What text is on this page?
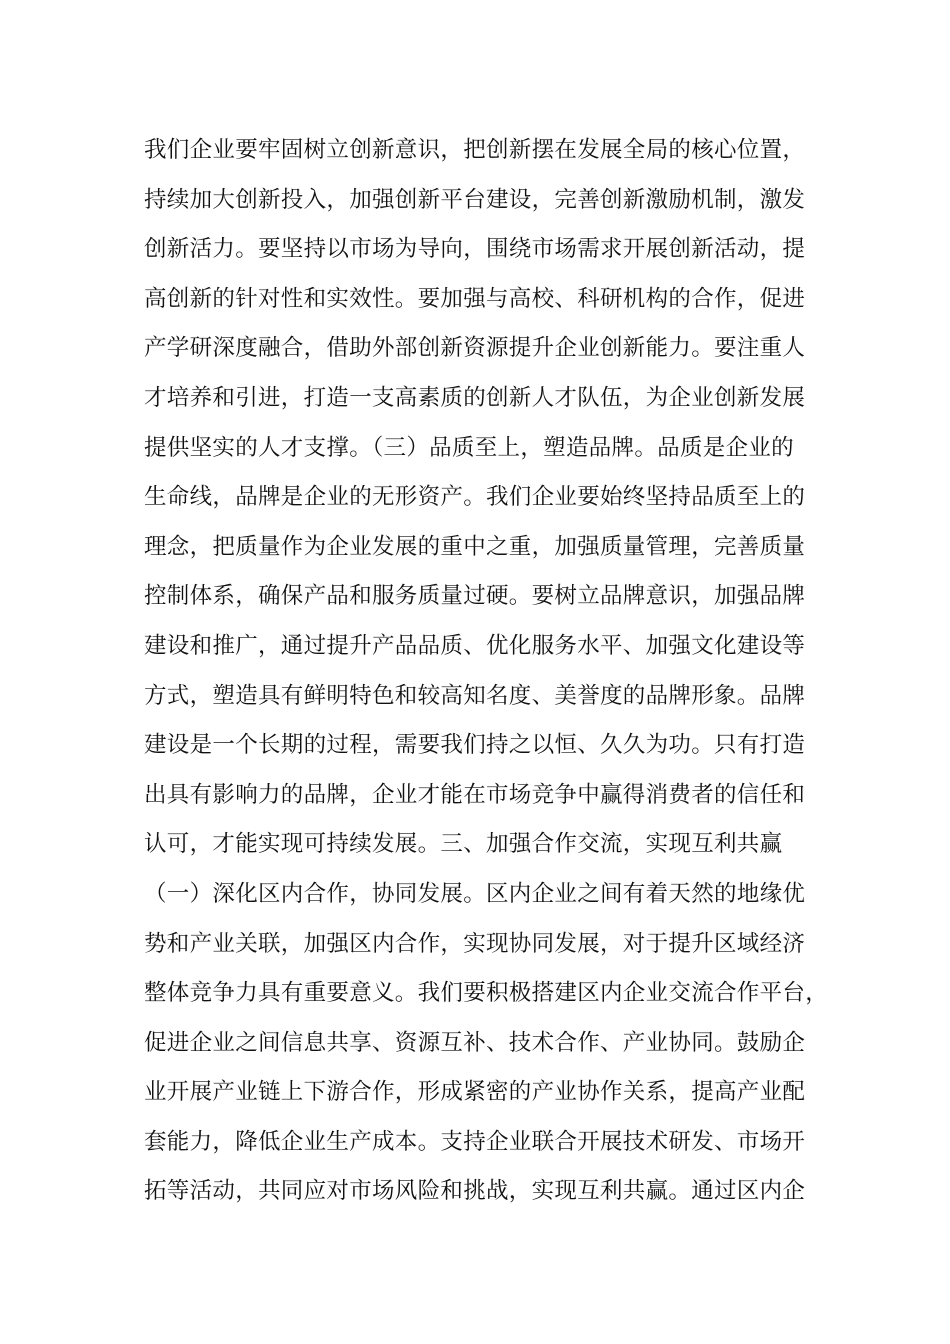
我们企业要牢固树立创新意识，把创新摆在发展全局的核心位置，
持续加大创新投入，加强创新平台建设，完善创新激励机制，激发
创新活力。要坚持以市场为导向，围绕市场需求开展创新活动，提
高创新的针对性和实效性。要加强与高校、科研机构的合作，促进
产学研深度融合，借助外部创新资源提升企业创新能力。要注重人
才培养和引进，打造一支高素质的创新人才队伍，为企业创新发展
提供坚实的人才支撑。（三）品质至上，塑造品牌。品质是企业的
生命线，品牌是企业的无形资产。我们企业要始终坚持品质至上的
理念，把质量作为企业发展的重中之重，加强质量管理，完善质量
控制体系，确保产品和服务质量过硬。要树立品牌意识，加强品牌
建设和推广，通过提升产品品质、优化服务水平、加强文化建设等
方式，塑造具有鲜明特色和较高知名度、美誉度的品牌形象。品牌
建设是一个长期的过程，需要我们持之以恒、久久为功。只有打造
出具有影响力的品牌，企业才能在市场竞争中赢得消费者的信任和
认可，才能实现可持续发展。三、加强合作交流，实现互利共赢
（一）深化区内合作，协同发展。区内企业之间有着天然的地缘优
势和产业关联，加强区内合作，实现协同发展，对于提升区域经济
整体竞争力具有重要意义。我们要积极搭建区内企业交流合作平台，
促进企业之间信息共享、资源互补、技术合作、产业协同。鼓励企
业开展产业链上下游合作，形成紧密的产业协作关系，提高产业配
套能力，降低企业生产成本。支持企业联合开展技术研发、市场开
拓等活动，共同应对市场风险和挑战，实现互利共赢。通过区内企
